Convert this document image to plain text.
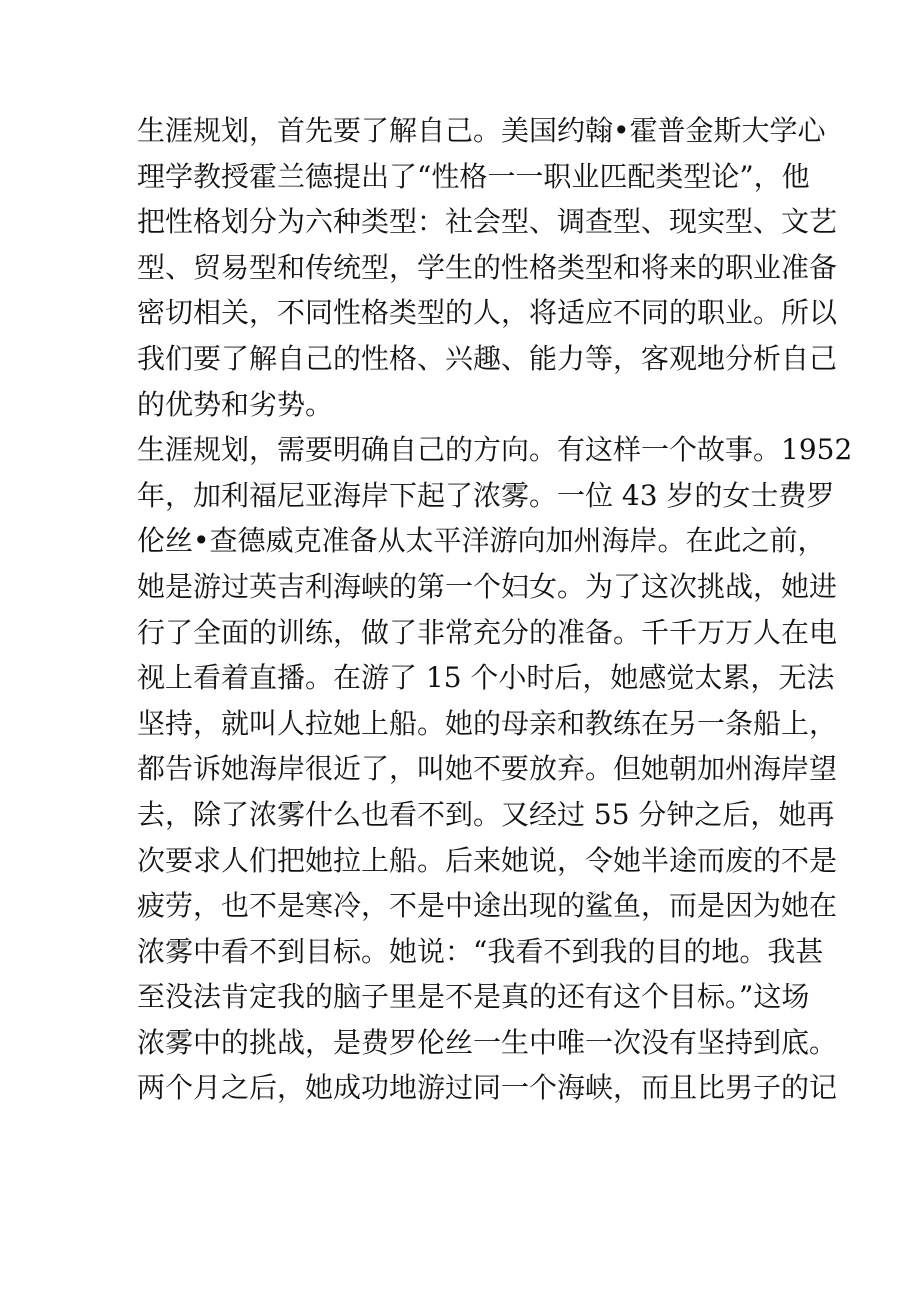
生涯规划，首先要了解自己。美国约翰•霍普金斯大学心
理学教授霍兰德提出了“性格一一职业匹配类型论”，他
把性格划分为六种类型：社会型、调查型、现实型、文艺
型、贸易型和传统型，学生的性格类型和将来的职业准备
密切相关，不同性格类型的人，将适应不同的职业。所以
我们要了解自己的性格、兴趣、能力等，客观地分析自己
的优势和劣势。
生涯规划，需要明确自己的方向。有这样一个故事。1952
年，加利福尼亚海岸下起了浓雾。一位 43 岁的女士费罗
伦丝•查德威克准备从太平洋游向加州海岸。在此之前，
她是游过英吉利海峡的第一个妇女。为了这次挑战，她进
行了全面的训练，做了非常充分的准备。千千万万人在电
视上看着直播。在游了 15 个小时后，她感觉太累，无法
坚持，就叫人拉她上船。她的母亲和教练在另一条船上，
都告诉她海岸很近了，叫她不要放弃。但她朝加州海岸望
去，除了浓雾什么也看不到。又经过 55 分钟之后，她再
次要求人们把她拉上船。后来她说，令她半途而废的不是
疲劳，也不是寒冷，不是中途出现的鲨鱼，而是因为她在
浓雾中看不到目标。她说：“我看不到我的目的地。我甚
至没法肯定我的脑子里是不是真的还有这个目标。”这场
浓雾中的挑战，是费罗伦丝一生中唯一次没有坚持到底。
两个月之后，她成功地游过同一个海峡，而且比男子的记
